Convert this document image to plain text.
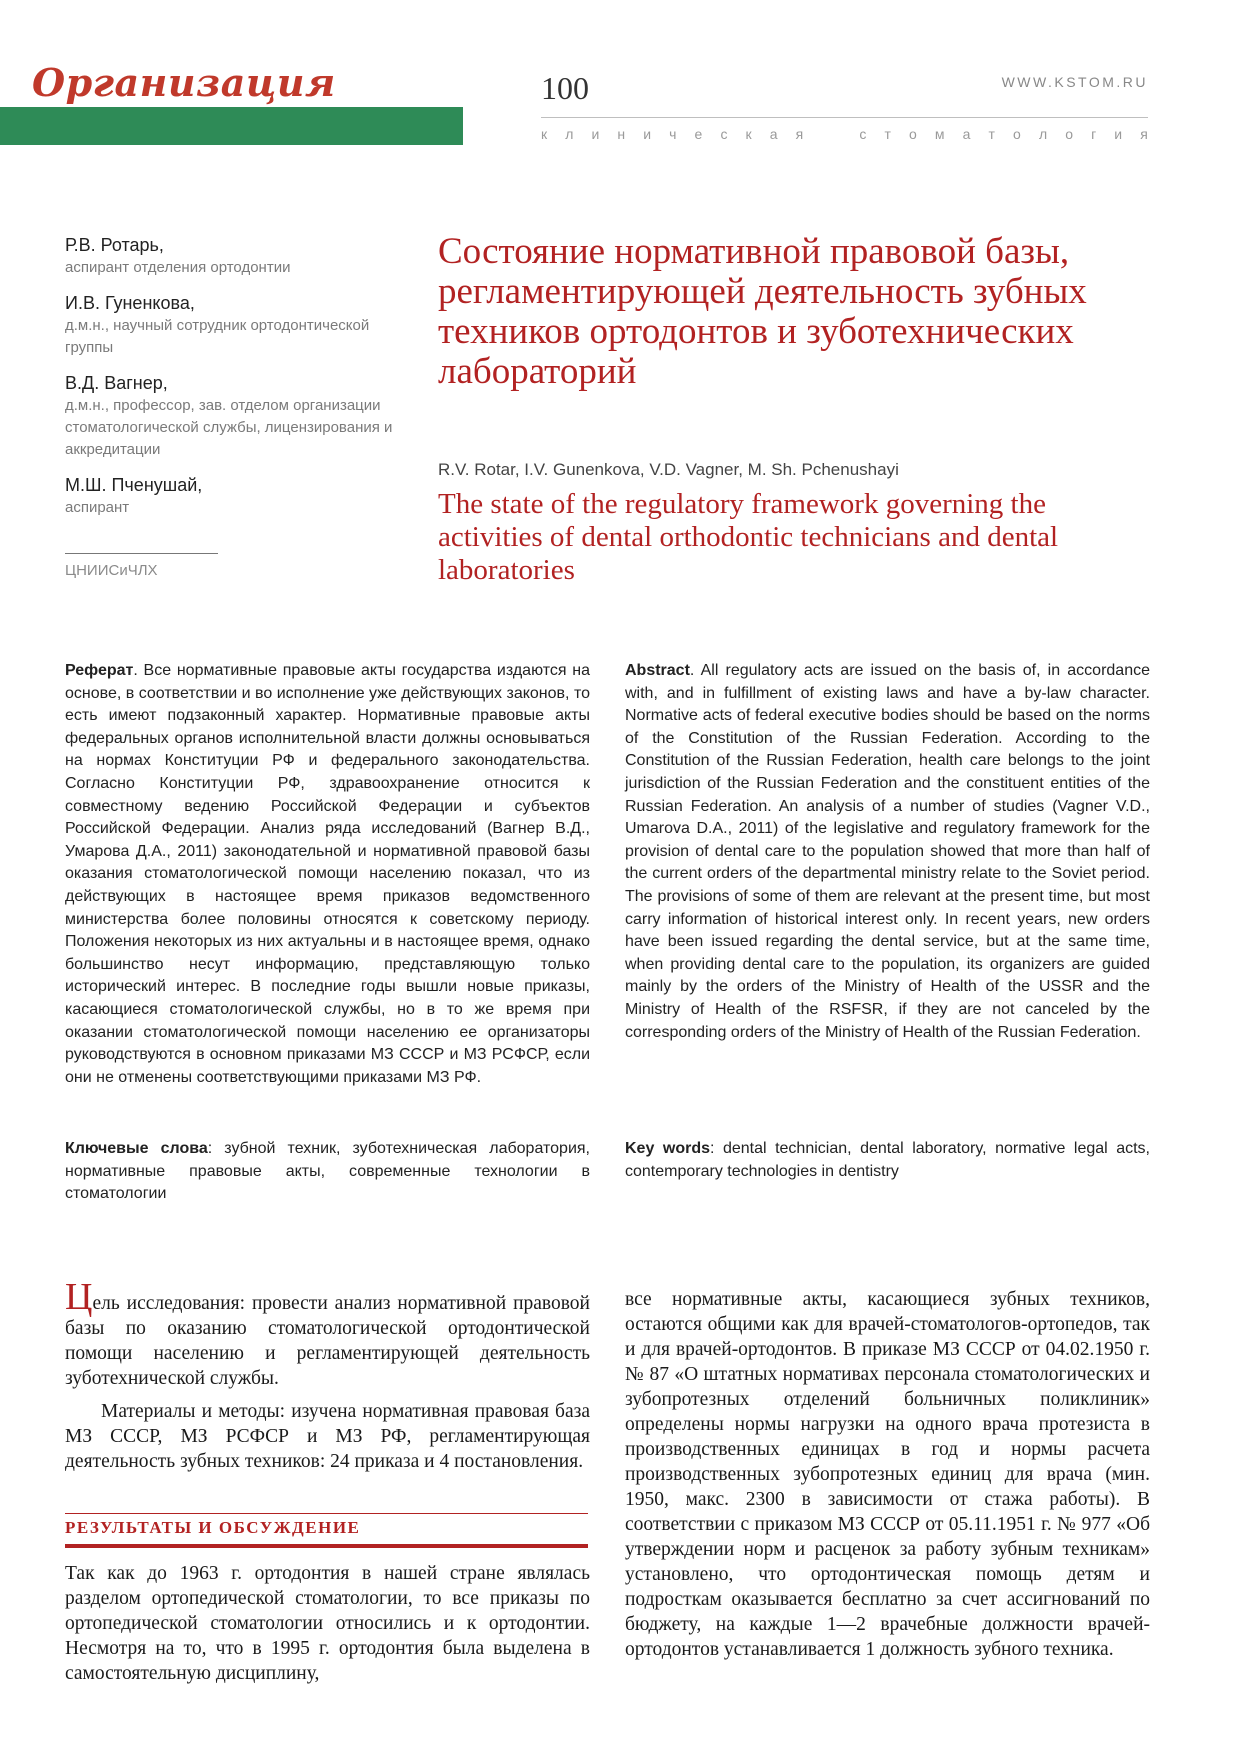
Организация	100	WWW.KSTOM.RU
к л и н и ч е с к а я	с т о м а т о л о г и я
Р.В. Ротарь,
аспирант отделения ортодонтии
И.В. Гуненкова,
д.м.н., научный сотрудник ортодонтической группы
В.Д. Вагнер,
д.м.н., профессор, зав. отделом организации стоматологической службы, лицензирования и аккредитации
М.Ш. Пченушай,
аспирант
ЦНИИСиЧЛХ
Состояние нормативной правовой базы, регламентирующей деятельность зубных техников ортодонтов и зуботехнических лабораторий
R.V. Rotar, I.V. Gunenkova, V.D. Vagner, M. Sh. Pchenushayi
The state of the regulatory framework governing the activities of dental orthodontic technicians and dental laboratories

Реферат. Все нормативные правовые акты государства издаются на основе, в соответствии и во исполнение уже действующих законов, то есть имеют подзаконный характер. Нормативные правовые акты федеральных органов исполнительной власти должны основываться на нормах Конституции РФ и федерального законодательства. Согласно Конституции РФ, здравоохранение относится к совместному ведению Российской Федерации и субъектов Российской Федерации. Анализ ряда исследований (Вагнер В.Д., Умарова Д.А., 2011) законодательной и нормативной правовой базы оказания стоматологической помощи населению показал, что из действующих в настоящее время приказов ведомственного министерства более половины относятся к советскому периоду. Положения некоторых из них актуальны и в настоящее время, однако большинство несут информацию, представляющую только исторический интерес. В последние годы вышли новые приказы, касающиеся стоматологической службы, но в то же время при оказании стоматологической помощи населению ее организаторы руководствуются в основном приказами МЗ СССР и МЗ РСФСР, если они не отменены соответствующими приказами МЗ РФ.

Abstract. All regulatory acts are issued on the basis of, in accordance with, and in fulfillment of existing laws and have a by-law character. Normative acts of federal executive bodies should be based on the norms of the Constitution of the Russian Federation. According to the Constitution of the Russian Federation, health care belongs to the joint jurisdiction of the Russian Federation and the constituent entities of the Russian Federation. An analysis of a number of studies (Vagner V.D., Umarova D.A., 2011) of the legislative and regulatory framework for the provision of dental care to the population showed that more than half of the current orders of the departmental ministry relate to the Soviet period. The provisions of some of them are relevant at the present time, but most carry information of historical interest only. In recent years, new orders have been issued regarding the dental service, but at the same time, when providing dental care to the population, its organizers are guided mainly by the orders of the Ministry of Health of the USSR and the Ministry of Health of the RSFSR, if they are not canceled by the corresponding orders of the Ministry of Health of the Russian Federation.

Ключевые слова: зубной техник, зуботехническая лаборатория, нормативные правовые акты, современные технологии в стоматологии

Key words: dental technician, dental laboratory, normative legal acts, contemporary technologies in dentistry

Цель исследования: провести анализ нормативной правовой базы по оказанию стоматологической ортодонтической помощи населению и регламентирующей деятельность зуботехнической службы.

Материалы и методы: изучена нормативная правовая база МЗ СССР, МЗ РСФСР и МЗ РФ, регламентирующая деятельность зубных техников: 24 приказа и 4 постановления.

РЕЗУЛЬТАТЫ И ОБСУЖДЕНИЕ

Так как до 1963 г. ортодонтия в нашей стране являлась разделом ортопедической стоматологии, то все приказы по ортопедической стоматологии относились и к ортодонтии. Несмотря на то, что в 1995 г. ортодонтия была выделена в самостоятельную дисциплину,

все нормативные акты, касающиеся зубных техников, остаются общими как для врачей-стоматологов-ортопедов, так и для врачей-ортодонтов. В приказе МЗ СССР от 04.02.1950 г. № 87 «О штатных нормативах персонала стоматологических и зубопротезных отделений больничных поликлиник» определены нормы нагрузки на одного врача протезиста в производственных единицах в год и нормы расчета производственных зубопротезных единиц для врача (мин. 1950, макс. 2300 в зависимости от стажа работы). В соответствии с приказом МЗ СССР от 05.11.1951 г. № 977 «Об утверждении норм и расценок за работу зубным техникам» установлено, что ортодонтическая помощь детям и подросткам оказывается бесплатно за счет ассигнований по бюджету, на каждые 1—2 врачебные должности врачей-ортодонтов устанавливается 1 должность зубного техника.
